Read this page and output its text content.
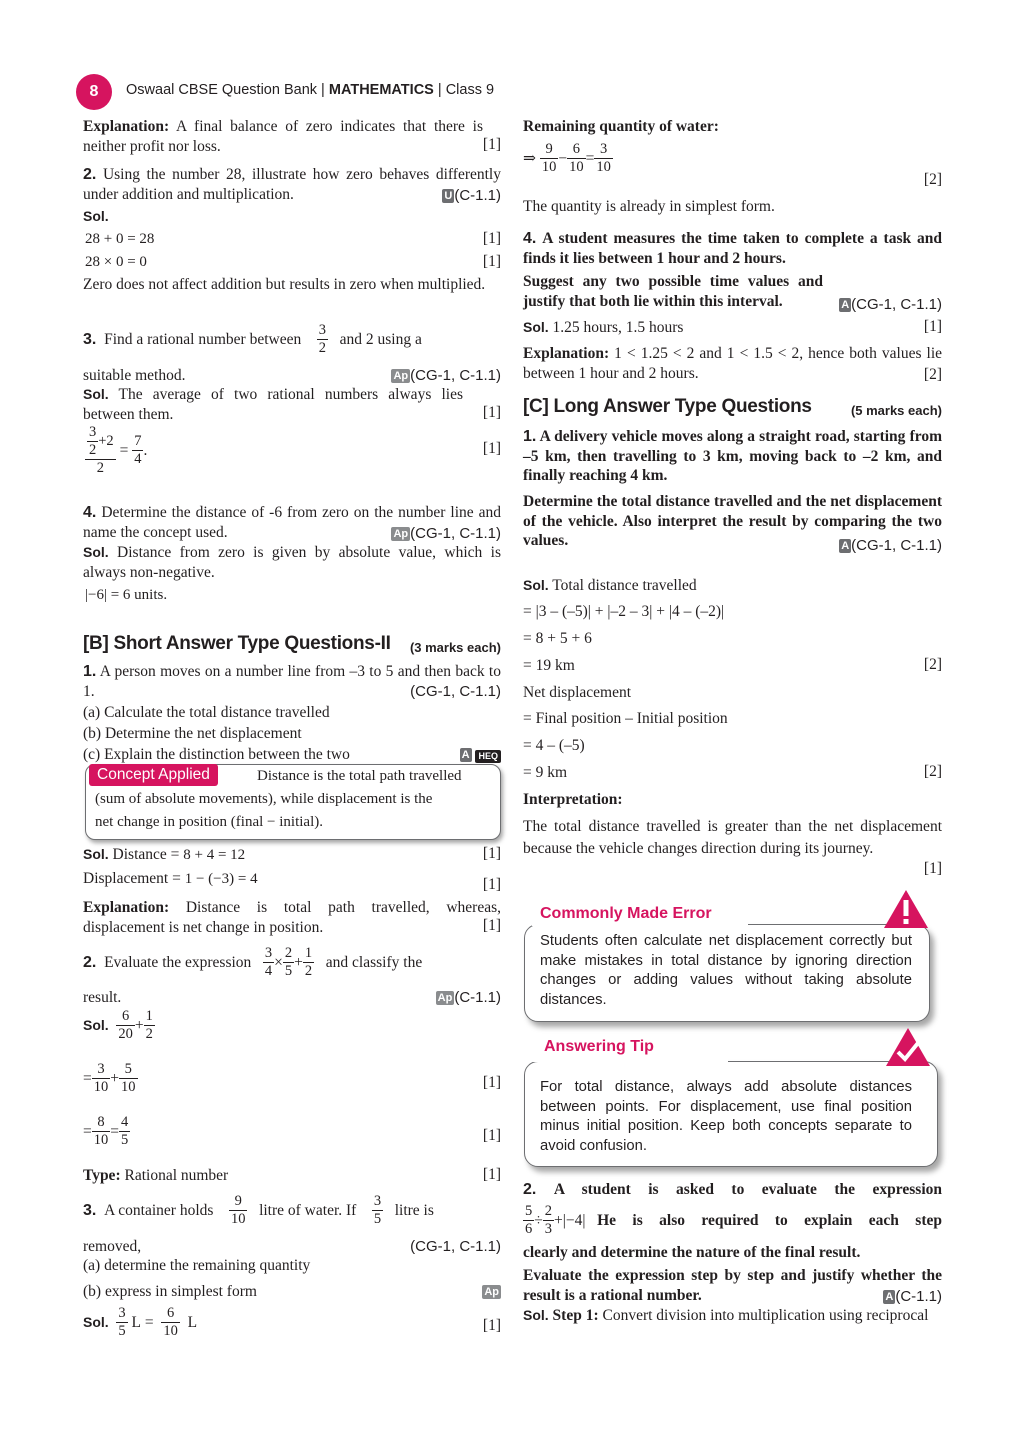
8	Oswaal CBSE Question Bank | MATHEMATICS | Class 9
Explanation: A final balance of zero indicates that there is neither profit nor loss.	[1]
2. Using the number 28, illustrate how zero behaves differently under addition and multiplication.	U (C-1.1)
Sol.
28 + 0 = 28	[1]
28 × 0 = 0	[1]
Zero does not affect addition but results in zero when multiplied.
3.
Find a rational number between
$\frac{3}{2}$
and 2 using a
suitable method.	Ap (CG-1, C-1.1)
Sol. The average of two rational numbers always lies between them.	[1]
$\frac{\frac{3}{2} +2}{2} = \frac{7}{4}$ .	[1]
4. Determine the distance of -6 from zero on the number line and name the concept used.	Ap (CG-1, C-1.1)
Sol. Distance from zero is given by absolute value, which is always non-negative.
|−6| = 6 units.
[B] Short Answer Type Questions-II (3 marks each)
1. A person moves on a number line from –3 to 5 and then back to 1.	(CG-1, C-1.1)
(a) Calculate the total distance travelled
(b) Determine the net displacement
(c) Explain the distinction between the two	A HEQ
Concept Applied	Distance is the total path travelled
(sum of absolute movements), while displacement is the
net change in position (final − initial).
Sol. Distance = 8 + 4 = 12	[1]
Displacement = 1 − (−3) = 4	[1]
Explanation: Distance is total path travelled, whereas, displacement is net change in position.	[1]
2.
Evaluate the expression
$\frac{3}{4} \times \frac{2}{5} + \frac{1}{2}$
and classify the
result.	Ap (C-1.1)
Sol.
$\frac{6}{20} + \frac{1}{2}$
= $\frac{3}{10} + \frac{5}{10}$	[1]
= $\frac{8}{10} = \frac{4}{5}$	[1]
Type: Rational number	[1]
3.
A container holds
$\frac{9}{10}$
litre of water. If
$\frac{3}{5}$
litre is
removed,	(CG-1, C-1.1)
(a) determine the remaining quantity
(b) express in simplest form	Ap
Sol.
$\frac{3}{5}$
$L = \frac{6}{10}$
L	[1]
Remaining quantity of water:
⇒ $\frac{9}{10} - \frac{6}{10} = \frac{3}{10}$
[2]
The quantity is already in simplest form.
4. A student measures the time taken to complete a task and finds it lies between 1 hour and 2 hours.
Suggest any two possible time values and justify that both lie within this interval.	A (CG-1, C-1.1)
Sol. 1.25 hours, 1.5 hours	[1]
Explanation: 1 < 1.25 < 2 and 1 < 1.5 < 2, hence both values lie between 1 hour and 2 hours.	[2]
[C] Long Answer Type Questions	(5 marks each)
1. A delivery vehicle moves along a straight road, starting from –5 km, then travelling to 3 km, moving back to –2 km, and finally reaching 4 km.
Determine the total distance travelled and the net displacement of the vehicle. Also interpret the result by comparing the two values.	A (CG-1, C-1.1)
Sol. Total distance travelled
= |3 – (–5)| + |–2 – 3| + |4 – (–2)|
= 8 + 5 + 6
= 19 km	[2]
Net displacement
= Final position – Initial position
= 4 – (–5)
= 9 km	[2]
Interpretation:
The total distance travelled is greater than the net displacement because the vehicle changes direction during its journey.
[1]
Commonly Made Error
Students often calculate net displacement correctly but make mistakes in total distance by ignoring direction changes or adding values without taking absolute distances.
Answering Tip
For total distance, always add absolute distances between points. For displacement, use final position minus initial position. Keep both concepts separate to avoid confusion.
2. A student is asked to evaluate the expression
$\frac{5}{6} \div \frac{2}{3} + |-4|$
He is also required to explain each step
clearly and determine the nature of the final result.
Evaluate the expression step by step and justify whether the result is a rational number.	A (C-1.1)
Sol. Step 1: Convert division into multiplication using reciprocal
